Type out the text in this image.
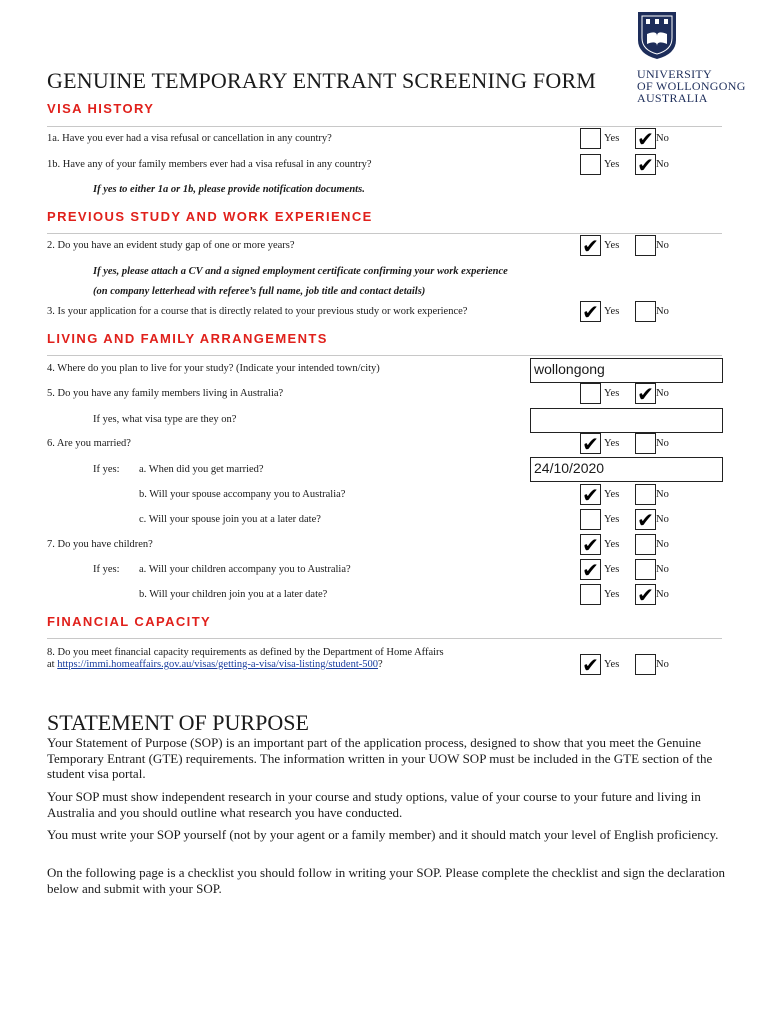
GENUINE TEMPORARY ENTRANT SCREENING FORM	UNIVERSITY
OF WOLLONGONG
AUSTRALIA
VISA HISTORY
1a. Have you ever had a visa refusal or cancellation in any country?	Yes ✔ No
1b. Have any of your family members ever had a visa refusal in any country?	Yes ✔ No
If yes to either 1a or 1b, please provide notification documents.
PREVIOUS STUDY AND WORK EXPERIENCE
2. Do you have an evident study gap of one or more years?	✔ Yes	No
If yes, please attach a CV and a signed employment certificate confirming your work experience
(on company letterhead with referee’s full name, job title and contact details)
3. Is your application for a course that is directly related to your previous study or work experience?	✔ Yes	No
LIVING AND FAMILY ARRANGEMENTS
4. Where do you plan to live for your study? (Indicate your intended town/city)	wollongong
5. Do you have any family members living in Australia?	Yes ✔ No
If yes, what visa type are they on?
6. Are you married?	✔ Yes	No
If yes: a. When did you get married?	24/10/2020
b. Will your spouse accompany you to Australia?	✔ Yes	No
c. Will your spouse join you at a later date?	Yes ✔ No
7. Do you have children?	✔ Yes	No
If yes: a. Will your children accompany you to Australia?	✔ Yes	No
b. Will your children join you at a later date?	Yes ✔ No
FINANCIAL CAPACITY
8. Do you meet financial capacity requirements as defined by the Department of Home Affairs
at https://immi.homeaffairs.gov.au/visas/getting-a-visa/visa-listing/student-500?	✔ Yes	No
STATEMENT OF PURPOSE
Your Statement of Purpose (SOP) is an important part of the application process, designed to show that you meet the Genuine Temporary Entrant (GTE) requirements. The information written in your UOW SOP must be included in the GTE section of the student visa portal.
Your SOP must show independent research in your course and study options, value of your course to your future and living in Australia and you should outline what research you have conducted.
You must write your SOP yourself (not by your agent or a family member) and it should match your level of English proficiency.
On the following page is a checklist you should follow in writing your SOP. Please complete the checklist and sign the declaration below and submit with your SOP.
